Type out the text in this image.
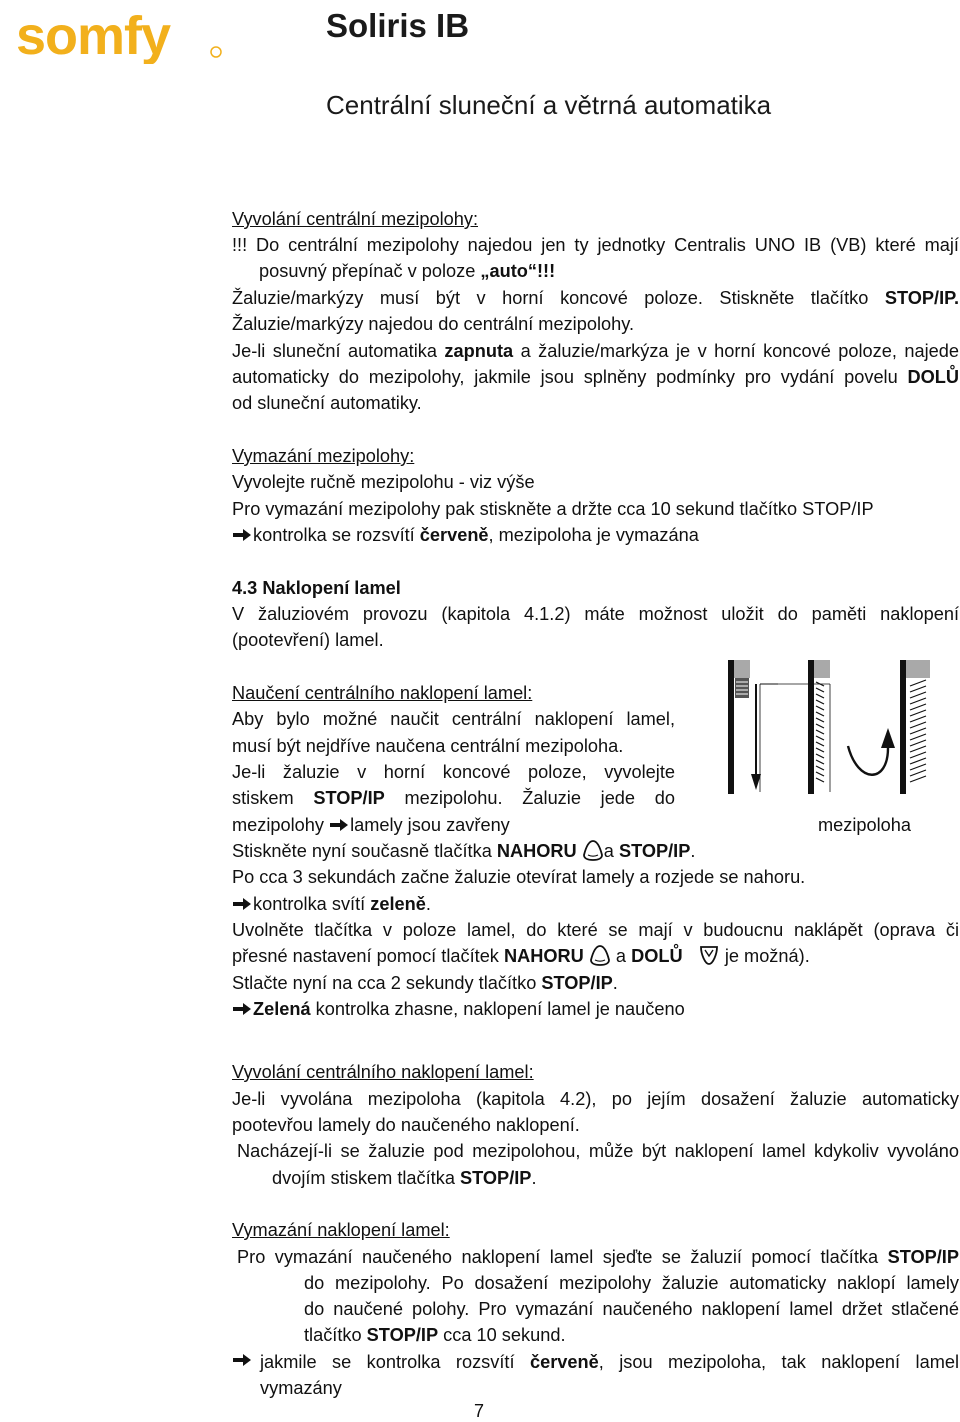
somfy	Soliris IB
Centrální sluneční a větrná automatika
Vyvolání centrální mezipolohy:
!!! Do centrální mezipolohy najedou jen ty jednotky Centralis UNO IB (VB) které mají
posuvný přepínač v poloze „auto“!!!
Žaluzie/markýzy musí být v horní koncové poloze. Stiskněte tlačítko STOP/IP.
Žaluzie/markýzy najedou do centrální mezipolohy.
Je-li sluneční automatika zapnuta a žaluzie/markýza je v horní koncové poloze, najede
automaticky do mezipolohy, jakmile jsou splněny podmínky pro vydání povelu DOLŮ
od sluneční automatiky.
Vymazání mezipolohy:
Vyvolejte ručně mezipolohu - viz výše
Pro vymazání mezipolohy pak stiskněte a držte cca 10 sekund tlačítko STOP/IP
kontrolka se rozsvítí červeně, mezipoloha je vymazána
4.3 Naklopení lamel
V žaluziovém provozu (kapitola 4.1.2) máte možnost uložit do paměti naklopení
(pootevření) lamel.
Naučení centrálního naklopení lamel:
Aby bylo možné naučit centrální naklopení lamel,
musí být nejdříve naučena centrální mezipoloha.
Je-li žaluzie v horní koncové poloze, vyvolejte
stiskem STOP/IP mezipolohu. Žaluzie jede do
mezipolohy lamely jsou zavřeny	mezipoloha
Stiskněte nyní současně tlačítka NAHORU a STOP/IP.
Po cca 3 sekundách začne žaluzie otevírat lamely a rozjede se nahoru.
kontrolka svítí zeleně.
Uvolněte tlačítka v poloze lamel, do které se mají v budoucnu naklápět (oprava či
přesné nastavení pomocí tlačítek NAHORU  a DOLŮ    je možná).
Stlačte nyní na cca 2 sekundy tlačítko STOP/IP.
Zelená kontrolka zhasne, naklopení lamel je naučeno
Vyvolání centrálního naklopení lamel:
Je-li vyvolána mezipoloha (kapitola 4.2), po jejím dosažení žaluzie automaticky
pootevřou lamely do naučeného naklopení.
Nacházejí-li se žaluzie pod mezipolohou, může být naklopení lamel kdykoliv vyvoláno
dvojím stiskem tlačítka STOP/IP.
Vymazání naklopení lamel:
Pro vymazání naučeného naklopení lamel sjeďte se žaluzií pomocí tlačítka STOP/IP
do mezipolohy. Po dosažení mezipolohy žaluzie automaticky naklopí lamely
do naučené polohy. Pro vymazání naučeného naklopení lamel držet stlačené
tlačítko STOP/IP cca 10 sekund.
jakmile se kontrolka rozsvítí červeně, jsou mezipoloha, tak naklopení lamel
vymazány
7
